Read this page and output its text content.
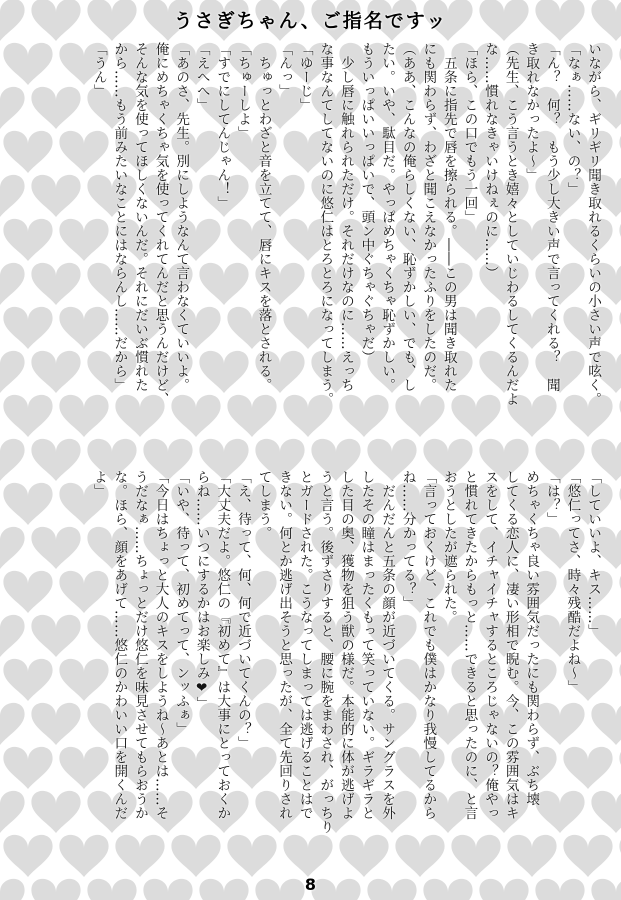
うさぎちゃん、ご指名ですッ

いながら、ギリギリ聞き取れるくらいの小さい声で呟く。

「なぁ……ない、の？」

「ん？　何？　もう少し大きい声で言ってくれる？　聞

き取れなかったよ〜」

（先生、こう言うとき嬉々としていじわるしてくるんだよ

な……慣れなきゃいけねぇのに……）

「ほら、この口でもう一回」

　五条に指先で唇を擦られる。――この男は聞き取れた

にも関わらず、わざと聞こえなかったふりをしたのだ。

（ああ、こんなの俺らしくない、恥ずかしい、でも、し

たい。いや、駄目だ。やっぱめちゃくちゃ恥ずかしい。

もういっぱいいっぱいで、頭ン中ぐちゃぐちゃだ）

　少し唇に触れられただけ。それだけなのに……えっち

な事なんてしてないのに悠仁はとろとろになってしまう。

「ゆーじ」

「んっ」

　ちゅっとわざと音を立てて、唇にキスを落とされる。

「ちゅーしよ」

「すでにしてんじゃん！」

「えへへ」

「あのさ、先生。別にしようなんて言わなくていいよ。

俺にめちゃくちゃ気を使ってくれてんだと思うんだけど、

そんな気を使ってほしくないんだ。それにだいぶ慣れた

から……もう前みたいなことにはならんし……だから」

「うん」

「していいよ、キス……」

「悠仁ってさ、時々残酷だよね〜」

「は？」

めちゃくちゃ良い雰囲気だったにも関わらず、ぶち壊

してくる恋人に、凄い形相で睨む。今、この雰囲気はキ

スをして、イチャイチャするところじゃないの？俺やっ

と慣れてきたからもっと……できると思ったのに、と言

おうとしたが遮られた。

「言っておくけど、これでも僕はかなり我慢してるから

ね……分かってる？」

　だんだんと五条の顔が近づいてくる。サングラスを外

したその瞳はまったくもって笑っていない。ギラギラと

した目の奥、獲物を狙う獣の様だ。本能的に体が逃げよ

うと言う。後ずさりすると、腰に腕をまわされ、がっちり

とガードされた。こうなってしまっては逃げることはで

きない。何とか逃げ出そうと思ったが、全て先回りされ

てしまう。

「え、待って、何、何で近づいてくんの？」

「大丈夫だよ。悠仁の『初めて』は大事にとっておくか

らね……いつにするかはお楽しみ❤」

「いや、待って、初めてって、ンッふぁ」

「今日はちょっと大人のキスをしようね〜あとは……そ

うだなぁ……ちょっとだけ悠仁を味見させてもらおうか

な。ほら、顔をあげて……悠仁のかわいい口を開くんだ

よ」

8
